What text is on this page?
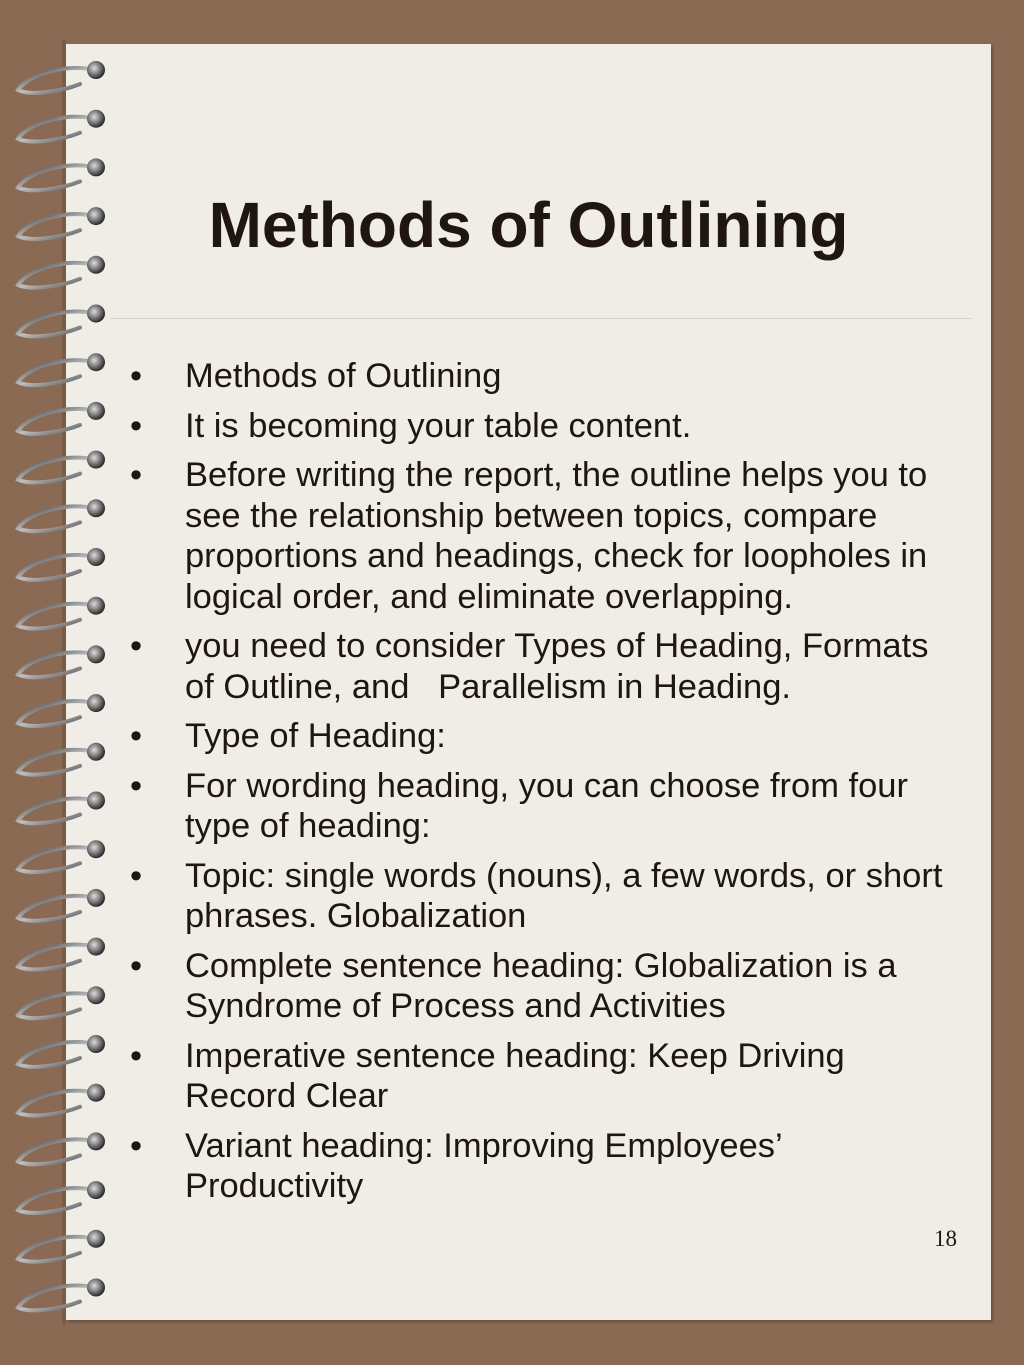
Methods of Outlining
•	Methods of Outlining
•	It is becoming your table content.
•	Before writing the report, the outline helps you to see the relationship between topics, compare proportions and headings, check for loopholes in logical order, and eliminate overlapping.
•	you need to consider Types of Heading, Formats of Outline, and   Parallelism in Heading.
•	Type of Heading:
•	For wording heading, you can choose from four type of heading:
•	Topic: single words (nouns), a few words, or short phrases. Globalization
•	Complete sentence heading: Globalization is a Syndrome of Process and Activities
•	Imperative sentence heading: Keep Driving Record Clear
•	Variant heading: Improving Employees’ Productivity
18
